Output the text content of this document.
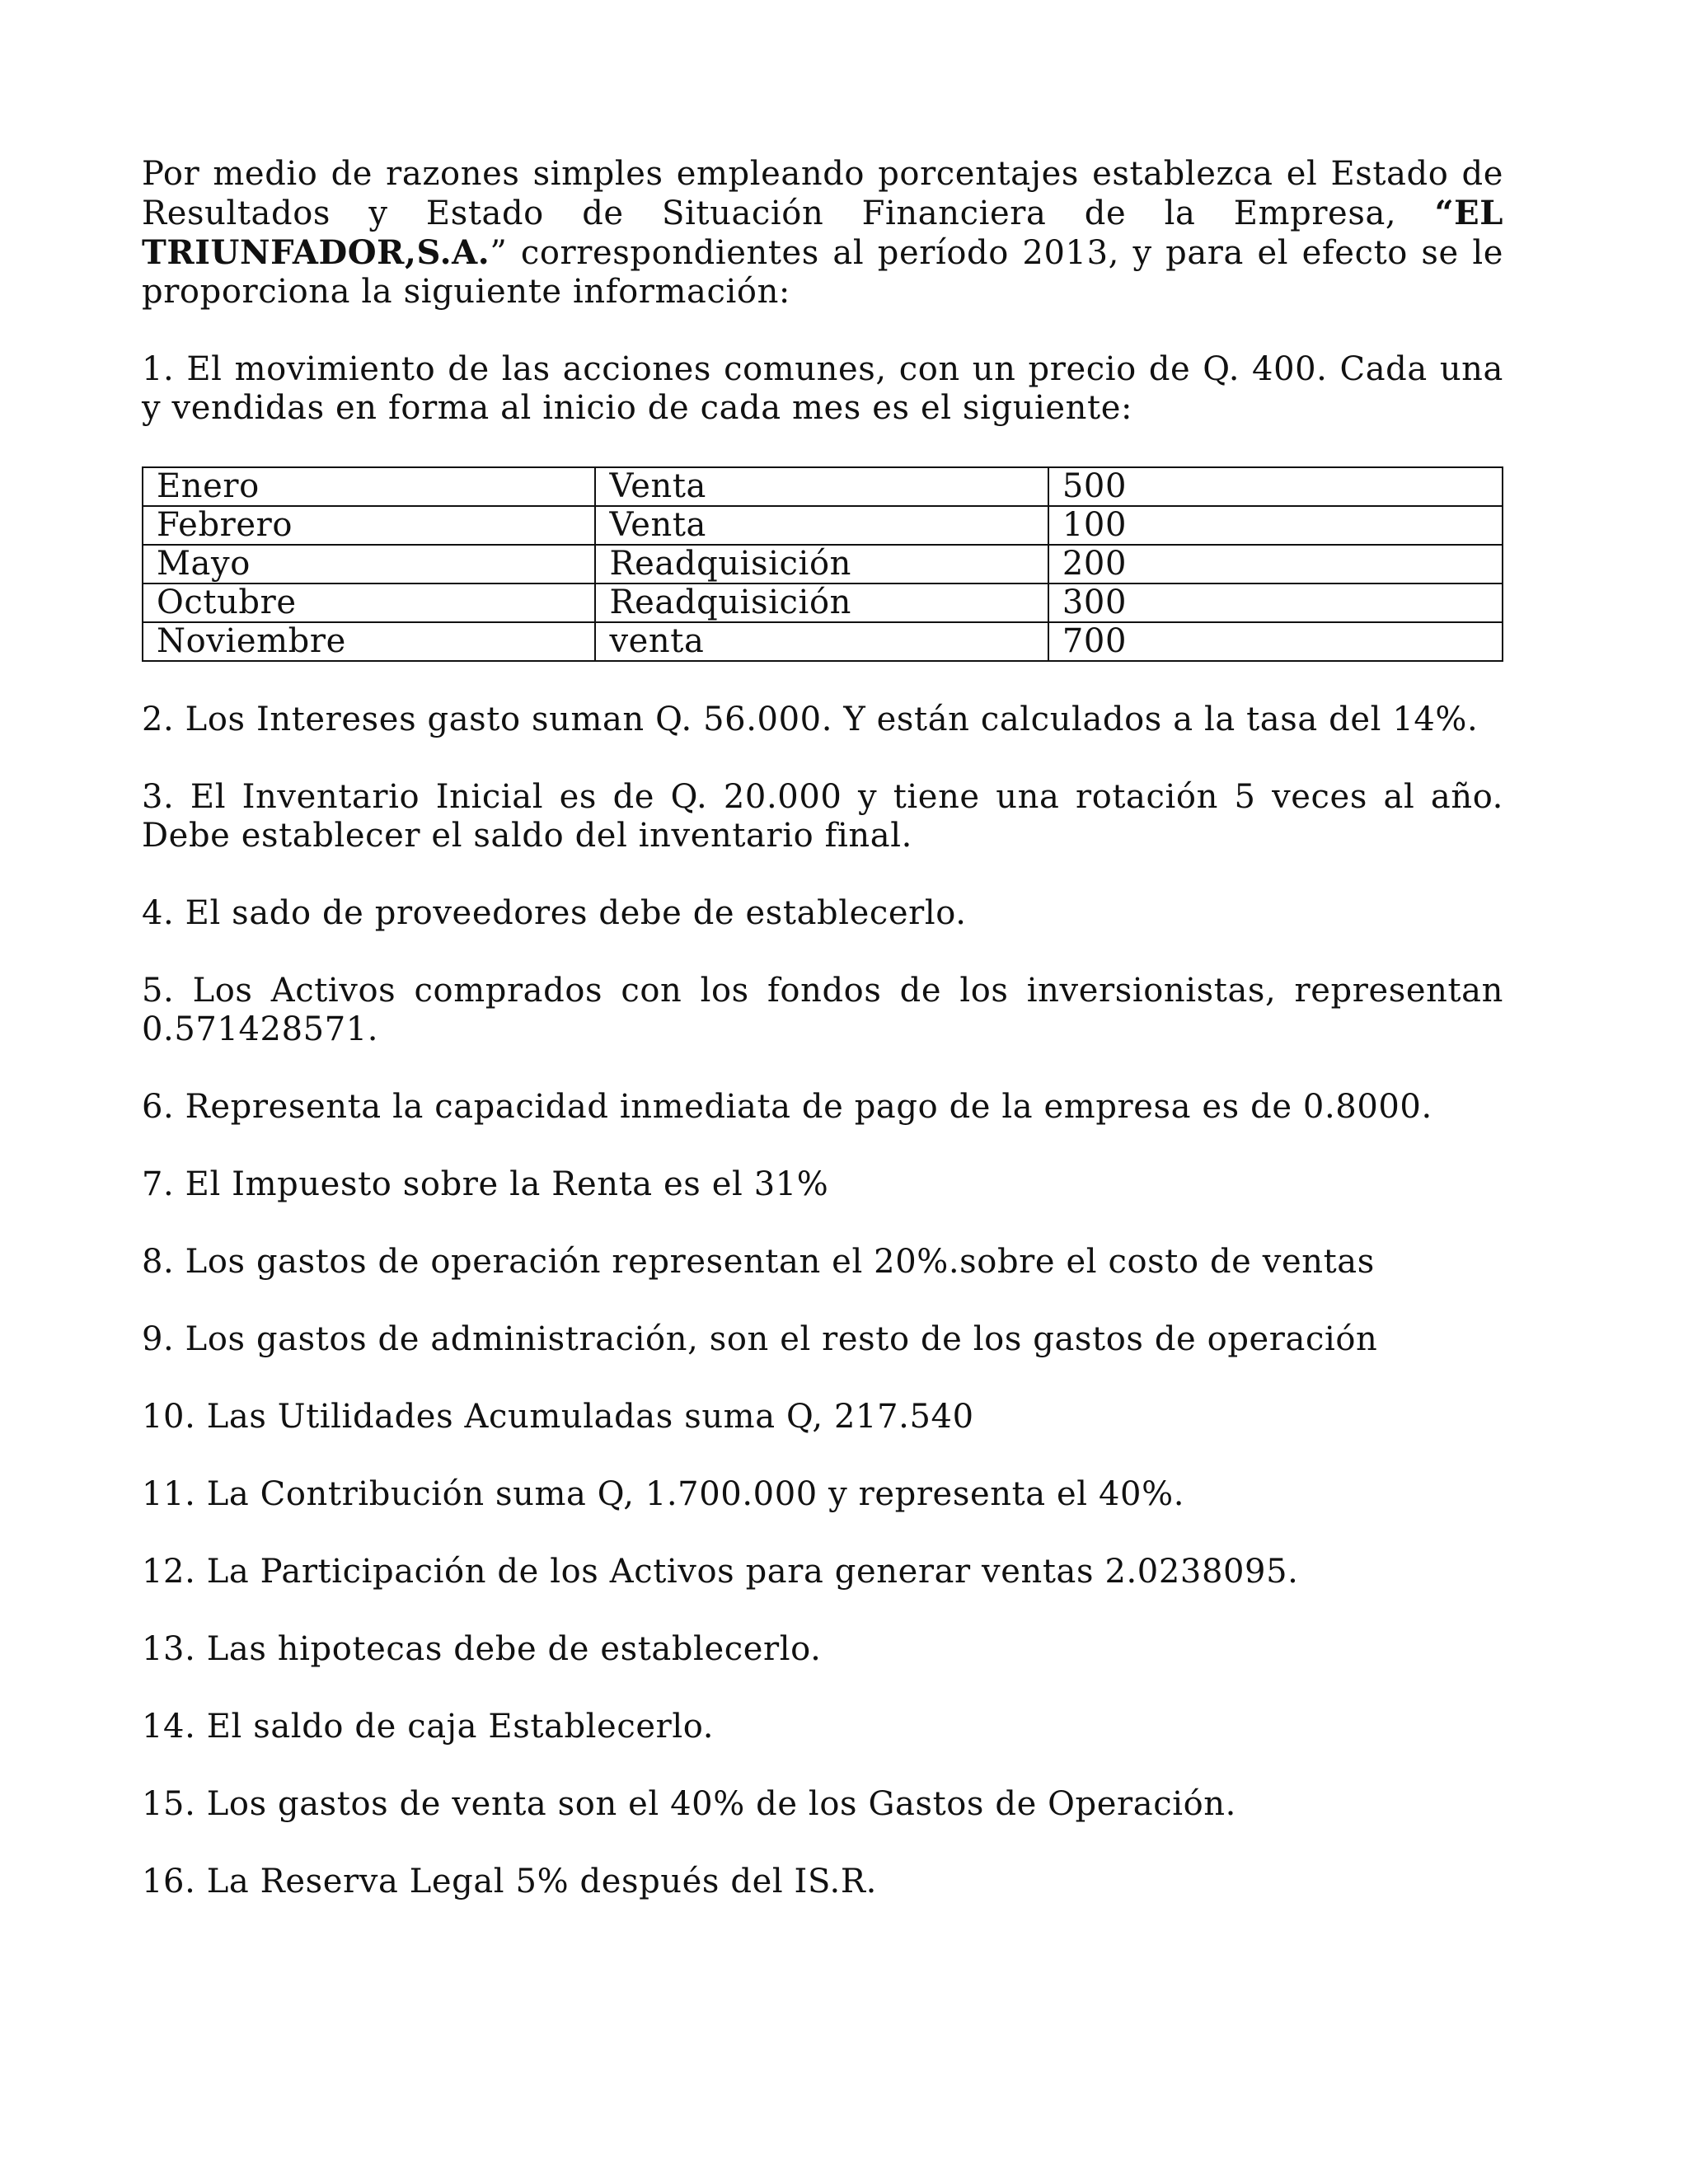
Por medio de razones simples empleando porcentajes establezca el Estado de Resultados y Estado de Situación Financiera de la Empresa, “EL TRIUNFADOR,S.A.” correspondientes al período 2013, y para el efecto se le proporciona la siguiente información:

1. El movimiento de las acciones comunes, con un precio de Q. 400. Cada una y vendidas en forma al inicio de cada mes es el siguiente:

Enero	Venta	500
Febrero	Venta	100
Mayo	Readquisición	200
Octubre	Readquisición	300
Noviembre	venta	700

2. Los Intereses gasto suman Q. 56.000. Y están calculados a la tasa del 14%.

3. El Inventario Inicial es de Q. 20.000 y tiene una rotación 5 veces al año. Debe establecer el saldo del inventario final.

4. El sado de proveedores debe de establecerlo.

5. Los Activos comprados con los fondos de los inversionistas, representan 0.571428571.

6. Representa la capacidad inmediata de pago de la empresa es de 0.8000.

7. El Impuesto sobre la Renta es el 31%

8. Los gastos de operación representan el 20%.sobre el costo de ventas

9. Los gastos de administración, son el resto de los gastos de operación

10. Las Utilidades Acumuladas suma Q, 217.540

11. La Contribución suma Q, 1.700.000 y representa el 40%.

12. La Participación de los Activos para generar ventas 2.0238095.

13. Las hipotecas debe de establecerlo.

14. El saldo de caja Establecerlo.

15. Los gastos de venta son el 40% de los Gastos de Operación.

16. La Reserva Legal 5% después del IS.R.
